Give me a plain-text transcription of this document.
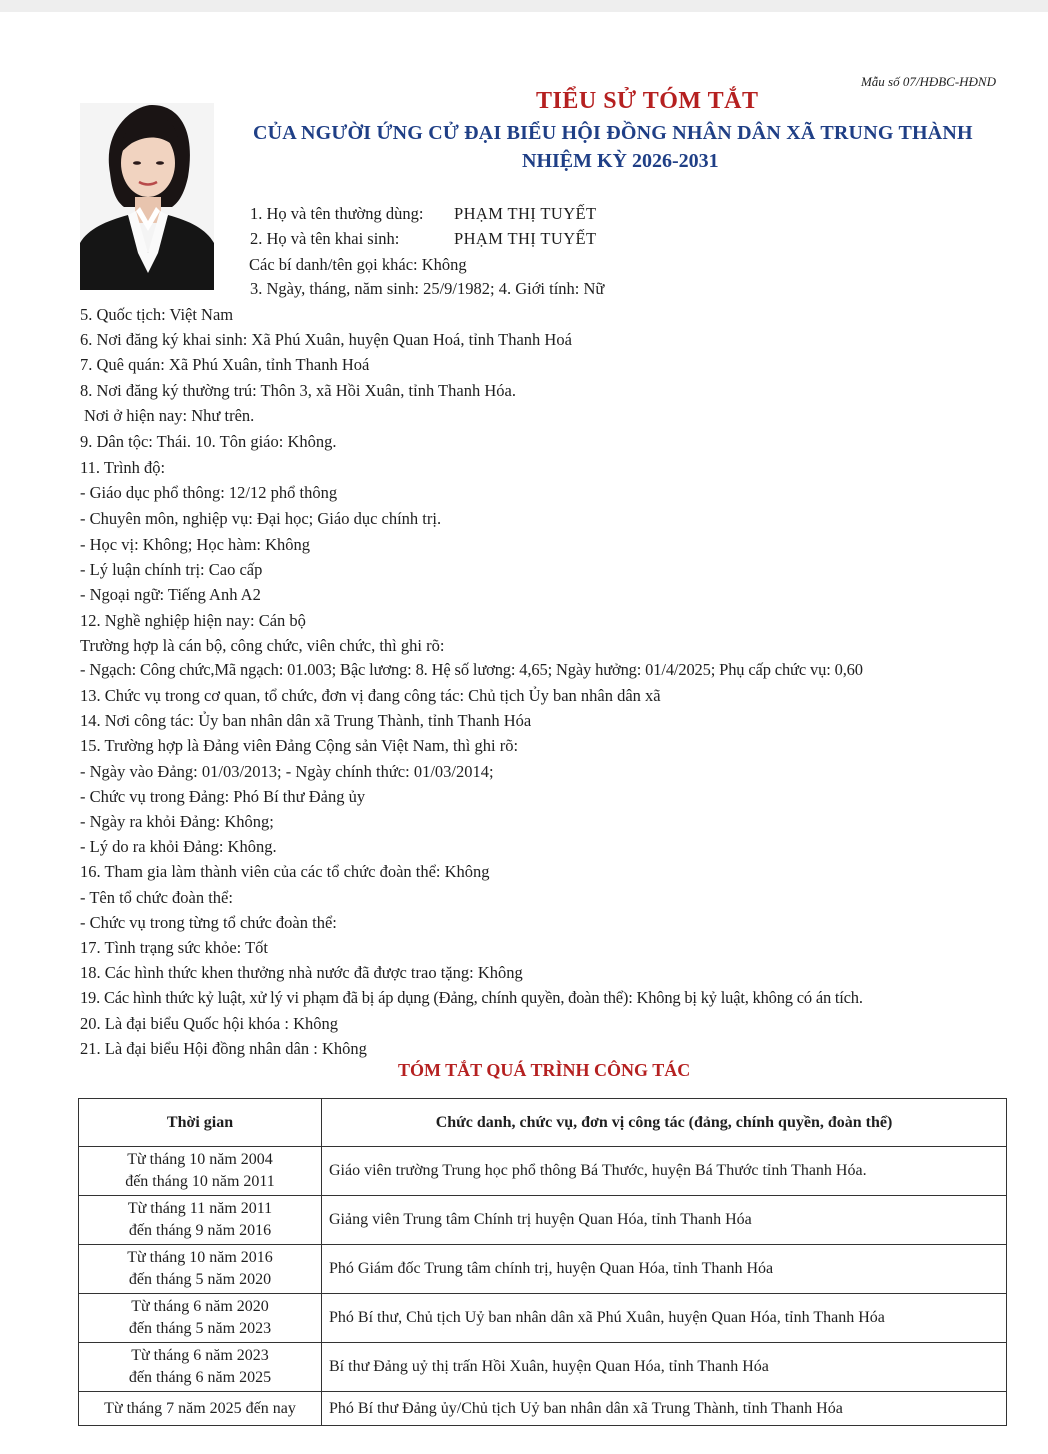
Mẫu số 07/HĐBC-HĐND
TIỂU SỬ TÓM TẮT
CỦA NGƯỜI ỨNG CỬ ĐẠI BIỂU HỘI ĐỒNG NHÂN DÂN XÃ TRUNG THÀNH
NHIỆM KỲ 2026-2031
1. Họ và tên thường dùng: PHẠM THỊ TUYẾT
2. Họ và tên khai sinh:	PHẠM THỊ TUYẾT
Các bí danh/tên gọi khác: Không
3. Ngày, tháng, năm sinh: 25/9/1982; 4. Giới tính: Nữ
5. Quốc tịch: Việt Nam
6. Nơi đăng ký khai sinh: Xã Phú Xuân, huyện Quan Hoá, tỉnh Thanh Hoá
7. Quê quán: Xã Phú Xuân, tỉnh Thanh Hoá
8. Nơi đăng ký thường trú: Thôn 3, xã Hồi Xuân, tỉnh Thanh Hóa.
Nơi ở hiện nay: Như trên.
9. Dân tộc: Thái. 10. Tôn giáo: Không.
11. Trình độ:
- Giáo dục phổ thông: 12/12 phổ thông
- Chuyên môn, nghiệp vụ: Đại học; Giáo dục chính trị.
- Học vị: Không; Học hàm: Không
- Lý luận chính trị: Cao cấp
- Ngoại ngữ: Tiếng Anh A2
12. Nghề nghiệp hiện nay: Cán bộ
Trường hợp là cán bộ, công chức, viên chức, thì ghi rõ:
- Ngạch: Công chức,Mã ngạch: 01.003; Bậc lương: 8. Hệ số lương: 4,65; Ngày hưởng: 01/4/2025; Phụ cấp chức vụ: 0,60
13. Chức vụ trong cơ quan, tổ chức, đơn vị đang công tác: Chủ tịch Ủy ban nhân dân xã
14. Nơi công tác: Ủy ban nhân dân xã Trung Thành, tỉnh Thanh Hóa
15. Trường hợp là Đảng viên Đảng Cộng sản Việt Nam, thì ghi rõ:
- Ngày vào Đảng: 01/03/2013; - Ngày chính thức: 01/03/2014;
- Chức vụ trong Đảng: Phó Bí thư Đảng ủy
- Ngày ra khỏi Đảng: Không;
- Lý do ra khỏi Đảng: Không.
16. Tham gia làm thành viên của các tổ chức đoàn thể: Không
- Tên tổ chức đoàn thể:
- Chức vụ trong từng tổ chức đoàn thể:
17. Tình trạng sức khỏe: Tốt
18. Các hình thức khen thưởng nhà nước đã được trao tặng: Không
19. Các hình thức kỷ luật, xử lý vi phạm đã bị áp dụng (Đảng, chính quyền, đoàn thể): Không bị kỷ luật, không có án tích.
20. Là đại biểu Quốc hội khóa : Không
21. Là đại biểu Hội đồng nhân dân : Không
TÓM TẮT QUÁ TRÌNH CÔNG TÁC
Thời gian	Chức danh, chức vụ, đơn vị công tác (đảng, chính quyền, đoàn thể)

Từ tháng 10 năm 2004
đến tháng 10 năm 2011	Giáo viên trường Trung học phổ thông Bá Thước, huyện Bá Thước tỉnh Thanh Hóa.

Từ tháng 11 năm 2011
đến tháng 9 năm 2016	Giảng viên Trung tâm Chính trị huyện Quan Hóa, tỉnh Thanh Hóa

Từ tháng 10 năm 2016
đến tháng 5 năm 2020	Phó Giám đốc Trung tâm chính trị, huyện Quan Hóa, tỉnh Thanh Hóa

Từ tháng 6 năm 2020
đến tháng 5 năm 2023	Phó Bí thư, Chủ tịch Uỷ ban nhân dân xã Phú Xuân, huyện Quan Hóa, tỉnh Thanh Hóa

Từ tháng 6 năm 2023
đến tháng 6 năm 2025	Bí thư Đảng uỷ thị trấn Hồi Xuân, huyện Quan Hóa, tỉnh Thanh Hóa
Từ tháng 7 năm 2025 đến nay	Phó Bí thư Đảng ủy/Chủ tịch Uỷ ban nhân dân xã Trung Thành, tỉnh Thanh Hóa
